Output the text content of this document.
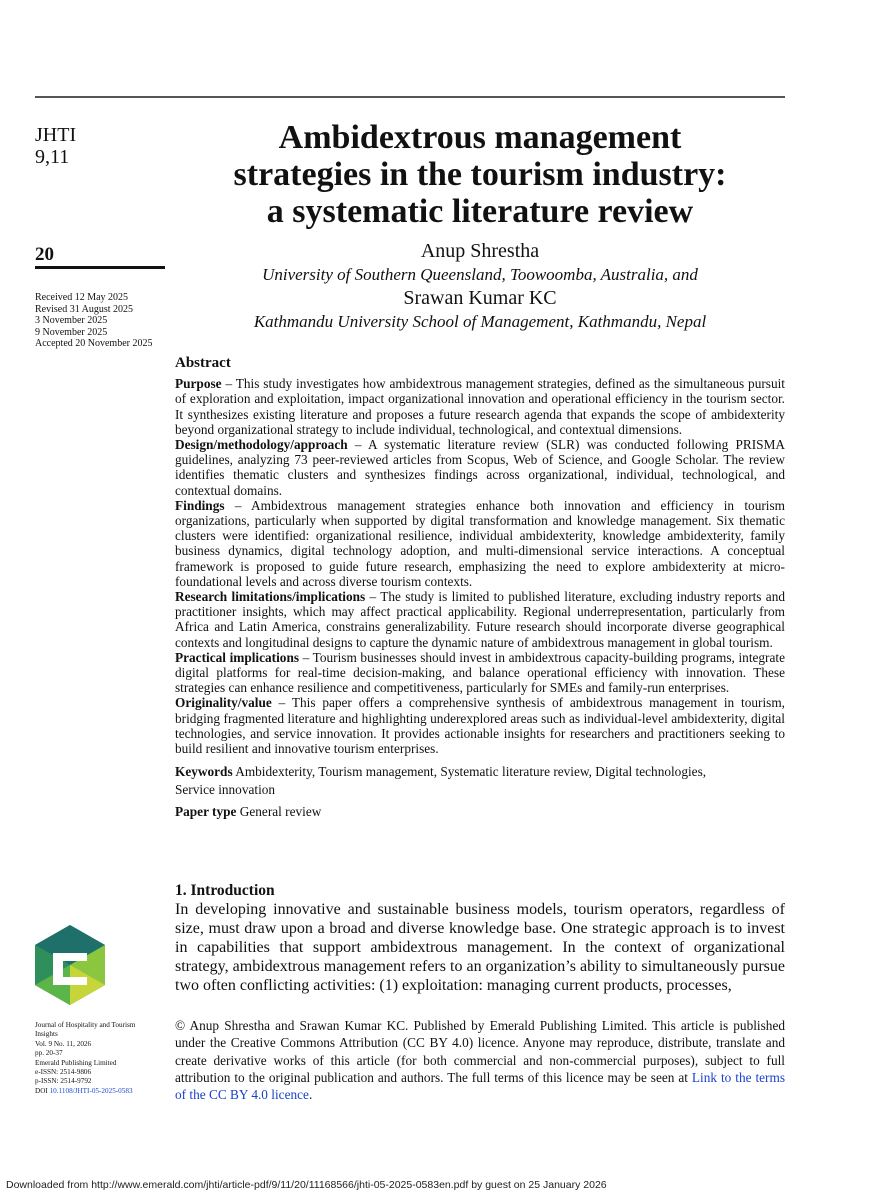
JHTI
9,11
20
Received 12 May 2025
Revised 31 August 2025
3 November 2025
9 November 2025
Accepted 20 November 2025
Ambidextrous management
strategies in the tourism industry:
a systematic literature review
Anup Shrestha
University of Southern Queensland, Toowoomba, Australia, and
Srawan Kumar KC
Kathmandu University School of Management, Kathmandu, Nepal
Abstract

Purpose – This study investigates how ambidextrous management strategies, defined as the simultaneous pursuit of exploration and exploitation, impact organizational innovation and operational efficiency in the tourism sector. It synthesizes existing literature and proposes a future research agenda that expands the scope of ambidexterity beyond organizational strategy to include individual, technological, and contextual dimensions.

Design/methodology/approach – A systematic literature review (SLR) was conducted following PRISMA guidelines, analyzing 73 peer-reviewed articles from Scopus, Web of Science, and Google Scholar. The review identifies thematic clusters and synthesizes findings across organizational, individual, technological, and contextual domains.

Findings – Ambidextrous management strategies enhance both innovation and efficiency in tourism organizations, particularly when supported by digital transformation and knowledge management. Six thematic clusters were identified: organizational resilience, individual ambidexterity, knowledge ambidexterity, family business dynamics, digital technology adoption, and multi-dimensional service interactions. A conceptual framework is proposed to guide future research, emphasizing the need to explore ambidexterity at micro-foundational levels and across diverse tourism contexts.

Research limitations/implications – The study is limited to published literature, excluding industry reports and practitioner insights, which may affect practical applicability. Regional underrepresentation, particularly from Africa and Latin America, constrains generalizability. Future research should incorporate diverse geographical contexts and longitudinal designs to capture the dynamic nature of ambidextrous management in global tourism.

Practical implications – Tourism businesses should invest in ambidextrous capacity-building programs, integrate digital platforms for real-time decision-making, and balance operational efficiency with innovation. These strategies can enhance resilience and competitiveness, particularly for SMEs and family-run enterprises.

Originality/value – This paper offers a comprehensive synthesis of ambidextrous management in tourism, bridging fragmented literature and highlighting underexplored areas such as individual-level ambidexterity, digital technologies, and service innovation. It provides actionable insights for researchers and practitioners seeking to build resilient and innovative tourism enterprises.

Keywords Ambidexterity, Tourism management, Systematic literature review, Digital technologies,
Service innovation

Paper type General review

1. Introduction
In developing innovative and sustainable business models, tourism operators, regardless of size, must draw upon a broad and diverse knowledge base. One strategic approach is to invest in capabilities that support ambidextrous management. In the context of organizational strategy, ambidextrous management refers to an organization’s ability to simultaneously pursue two often conflicting activities: (1) exploitation: managing current products, processes,
Journal of Hospitality and Tourism
Insights
Vol. 9 No. 11, 2026
pp. 20-37
Emerald Publishing Limited
e-ISSN: 2514-9806
p-ISSN: 2514-9792
DOI 10.1108/JHTI-05-2025-0583
© Anup Shrestha and Srawan Kumar KC. Published by Emerald Publishing Limited. This article is published under the Creative Commons Attribution (CC BY 4.0) licence. Anyone may reproduce, distribute, translate and create derivative works of this article (for both commercial and non-commercial purposes), subject to full attribution to the original publication and authors. The full terms of this licence may be seen at Link to the terms of the CC BY 4.0 licence.
Downloaded from http://www.emerald.com/jhti/article-pdf/9/11/20/11168566/jhti-05-2025-0583en.pdf by guest on 25 January 2026
